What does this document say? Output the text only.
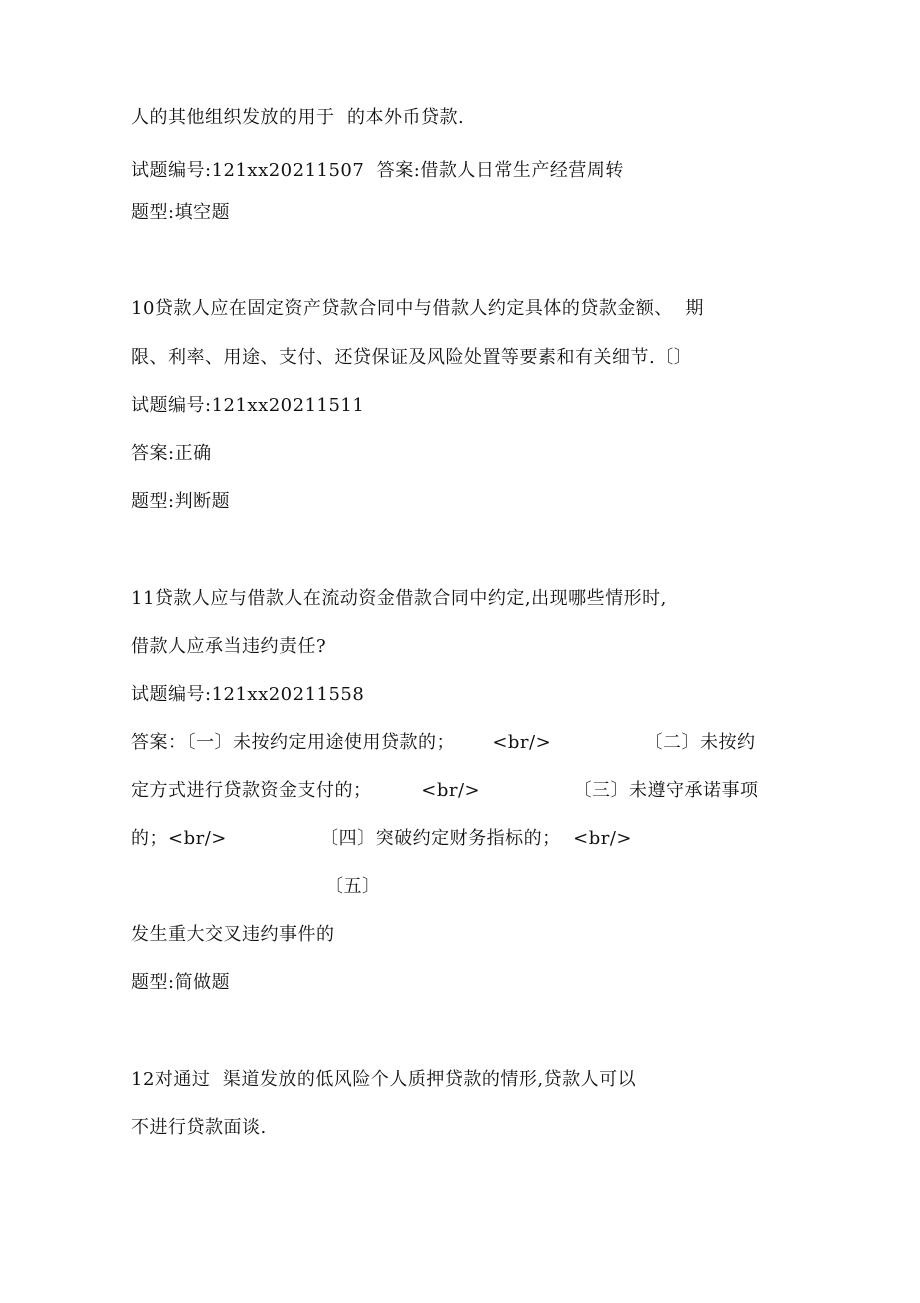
人的其他组织发放的用于  的本外币贷款.
试题编号:121xx20211507  答案:借款人日常生产经营周转
题型:填空题
10贷款人应在固定资产贷款合同中与借款人约定具体的贷款金额、  期
限、利率、用途、支付、还贷保证及风险处置等要素和有关细节.〔〕
试题编号:121xx20211511
答案:正确
题型:判断题
11贷款人应与借款人在流动资金借款合同中约定,出现哪些情形时,
借款人应承当违约责任?
试题编号:121xx20211558
答案：〔一〕未按约定用途使用贷款的；      <br/>               〔二〕未按约
定方式进行贷款资金支付的；        <br/>               〔三〕未遵守承诺事项
的；<br/>               〔四〕突破约定财务指标的；  <br/>
〔五〕
发生重大交叉违约事件的
题型:简做题
12对通过  渠道发放的低风险个人质押贷款的情形,贷款人可以
不进行贷款面谈.
